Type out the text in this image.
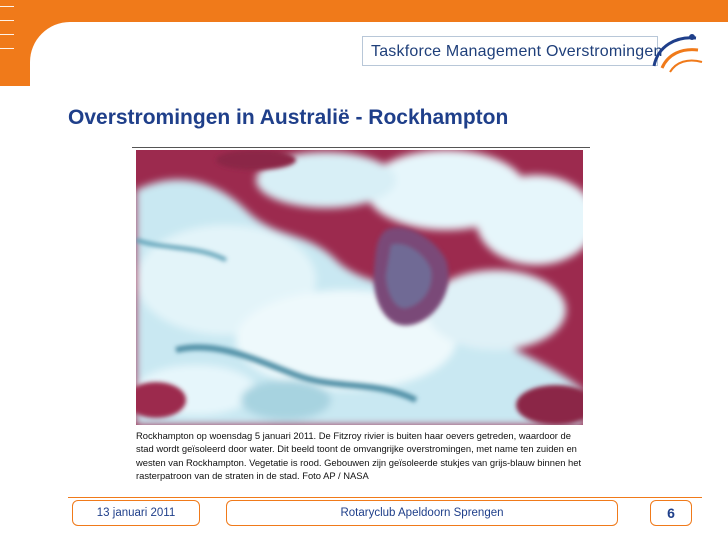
Taskforce Management Overstromingen
Overstromingen in Australië - Rockhampton
Rockhampton op woensdag 5 januari 2011. De Fitzroy rivier is buiten haar oevers getreden, waardoor de
stad wordt geïsoleerd door water. Dit beeld toont de omvangrijke overstromingen, met name ten zuiden en
westen van Rockhampton. Vegetatie is rood. Gebouwen zijn geïsoleerde stukjes van grijs-blauw binnen het
rasterpatroon van de straten in de stad. Foto AP / NASA
13 januari 2011	Rotaryclub Apeldoorn Sprengen	6
